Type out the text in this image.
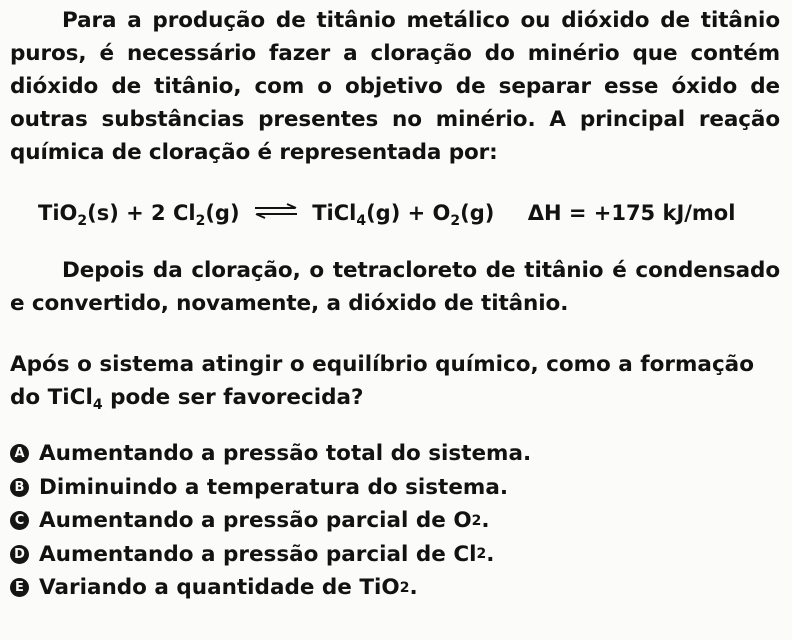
Para a produção de titânio metálico ou dióxido de titânio puros, é necessário fazer a cloração do minério que contém dióxido de titânio, com o objetivo de separar esse óxido de outras substâncias presentes no minério. A principal reação química de cloração é representada por:
TiO2(s) + 2 Cl2(g) ⇌ TiCl4(g) + O2(g) ΔH = +175 kJ/mol
Depois da cloração, o tetracloreto de titânio é condensado e convertido, novamente, a dióxido de titânio.
Após o sistema atingir o equilíbrio químico, como a formação do TiCl$_4$ pode ser favorecida?
A Aumentando a pressão total do sistema.
B Diminuindo a temperatura do sistema.
C Aumentando a pressão parcial de O 2 .
D Aumentando a pressão parcial de Cl 2 .
E Variando a quantidade de TiO 2 .
